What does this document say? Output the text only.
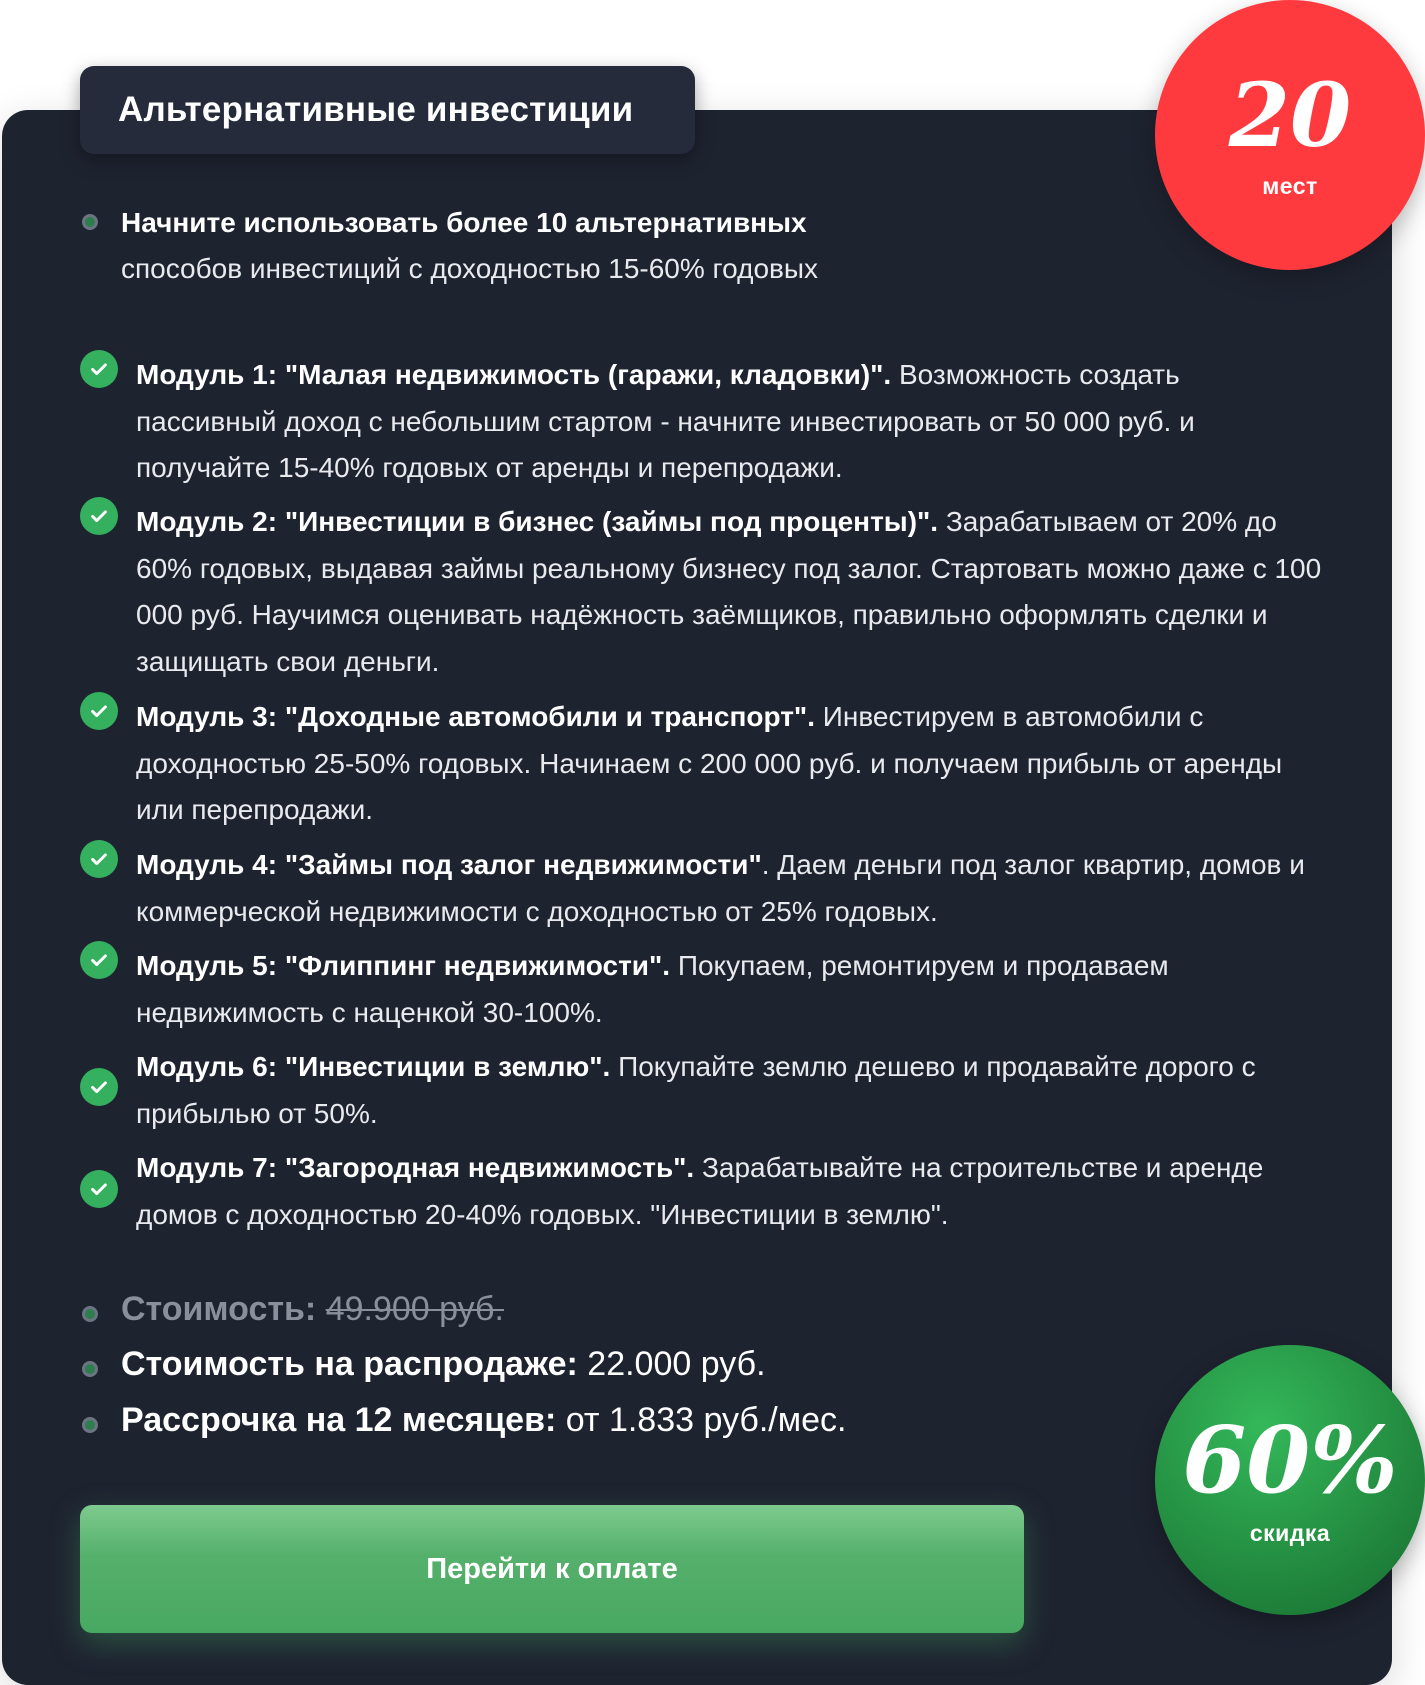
Альтернативные инвестиции	20
мест
Начните использовать более 10 альтернативных
способов инвестиций с доходностью 15-60% годовых
Модуль 1: "Малая недвижимость (гаражи, кладовки)". Возможность создать пассивный доход с небольшим стартом - начните инвестировать от 50 000 руб. и получайте 15-40% годовых от аренды и перепродажи.
Модуль 2: "Инвестиции в бизнес (займы под проценты)". Зарабатываем от 20% до 60% годовых, выдавая займы реальному бизнесу под залог. Стартовать можно даже с 100 000 руб. Научимся оценивать надёжность заёмщиков, правильно оформлять сделки и защищать свои деньги.
Модуль 3: "Доходные автомобили и транспорт". Инвестируем в автомобили с доходностью 25-50% годовых. Начинаем с 200 000 руб. и получаем прибыль от аренды или перепродажи.
Модуль 4: "Займы под залог недвижимости". Даем деньги под залог квартир, домов и коммерческой недвижимости с доходностью от 25% годовых.
Модуль 5: "Флиппинг недвижимости". Покупаем, ремонтируем и продаваем недвижимость с наценкой 30-100%.
Модуль 6: "Инвестиции в землю". Покупайте землю дешево и продавайте дорого с прибылью от 50%.
Модуль 7: "Загородная недвижимость". Зарабатывайте на строительстве и аренде домов с доходностью 20-40% годовых. "Инвестиции в землю".
Стоимость: 49.900 руб.
Стоимость на распродаже: 22.000 руб.
Рассрочка на 12 месяцев: от 1.833 руб./мес.
Перейти к оплате
60%
скидка
